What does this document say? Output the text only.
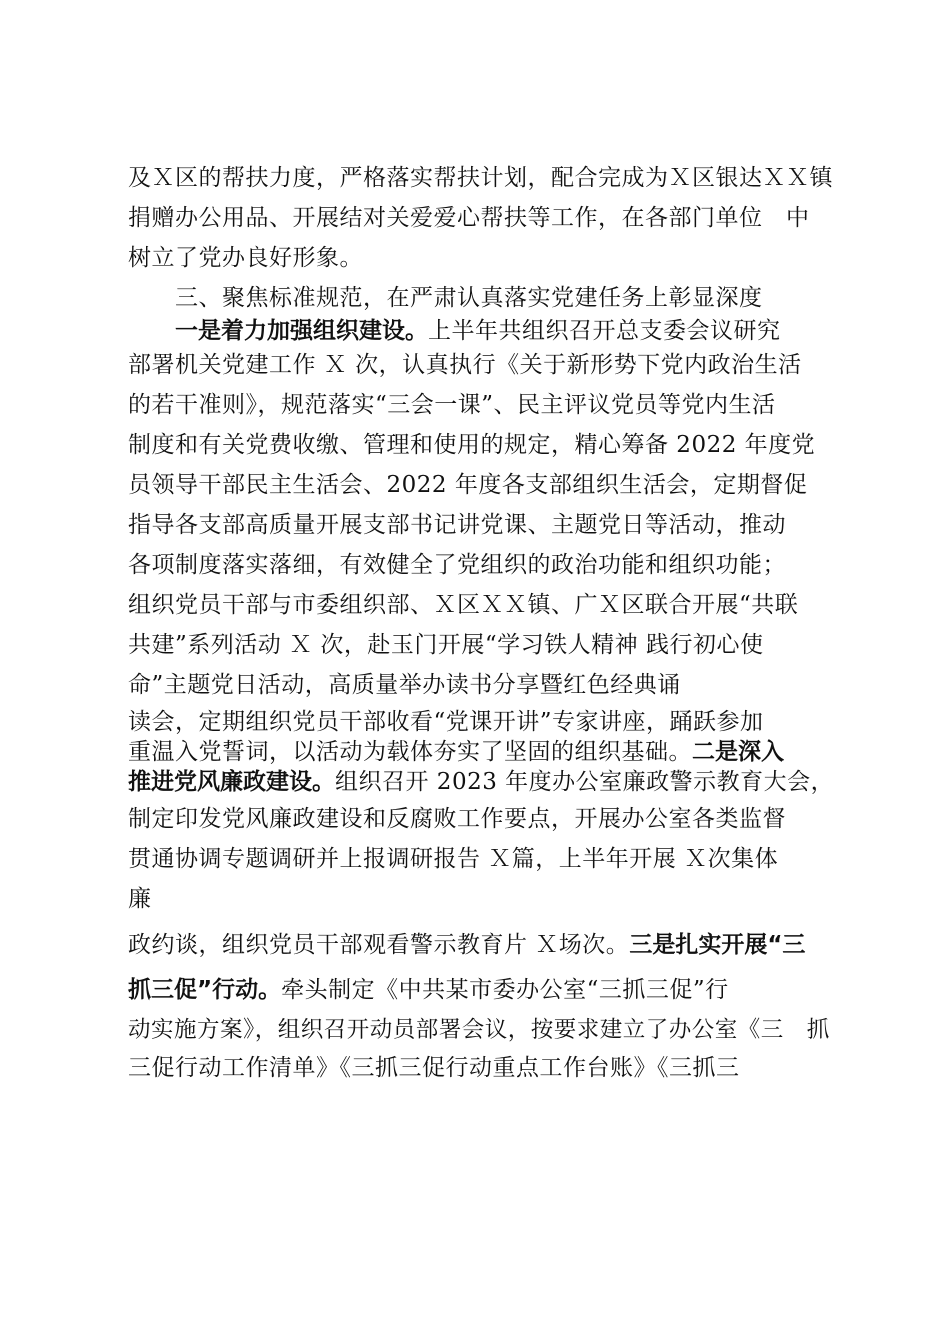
及Ｘ区的帮扶力度，严格落实帮扶计划，配合完成为Ｘ区银达ＸＸ镇
捐赠办公用品、开展结对关爱爱心帮扶等工作，在各部门单位　中
树立了党办良好形象。
三、聚焦标准规范，在严肃认真落实党建任务上彰显深度
一是着力加强组织建设。上半年共组织召开总支委会议研究
部署机关党建工作 Ｘ 次，认真执行《关于新形势下党内政治生活
的若干准则》，规范落实“三会一课”、民主评议党员等党内生活
制度和有关党费收缴、管理和使用的规定，精心筹备 2022 年度党
员领导干部民主生活会、2022 年度各支部组织生活会，定期督促
指导各支部高质量开展支部书记讲党课、主题党日等活动，推动
各项制度落实落细，有效健全了党组织的政治功能和组织功能；
组织党员干部与市委组织部、Ｘ区ＸＸ镇、广Ｘ区联合开展“共联
共建”系列活动 Ｘ 次，赴玉门开展“学习铁人精神 践行初心使
命”主题党日活动，高质量举办读书分享暨红色经典诵
读会，定期组织党员干部收看“党课开讲”专家讲座，踊跃参加
重温入党誓词，以活动为载体夯实了坚固的组织基础。二是深入
推进党风廉政建设。组织召开 2023 年度办公室廉政警示教育大会，
制定印发党风廉政建设和反腐败工作要点，开展办公室各类监督
贯通协调专题调研并上报调研报告 Ｘ篇，上半年开展 Ｘ次集体
廉
政约谈，组织党员干部观看警示教育片 Ｘ场次。三是扎实开展“三
抓三促”行动。牵头制定《中共某市委办公室“三抓三促”行
动实施方案》，组织召开动员部署会议，按要求建立了办公室《三　抓
三促行动工作清单》《三抓三促行动重点工作台账》《三抓三
